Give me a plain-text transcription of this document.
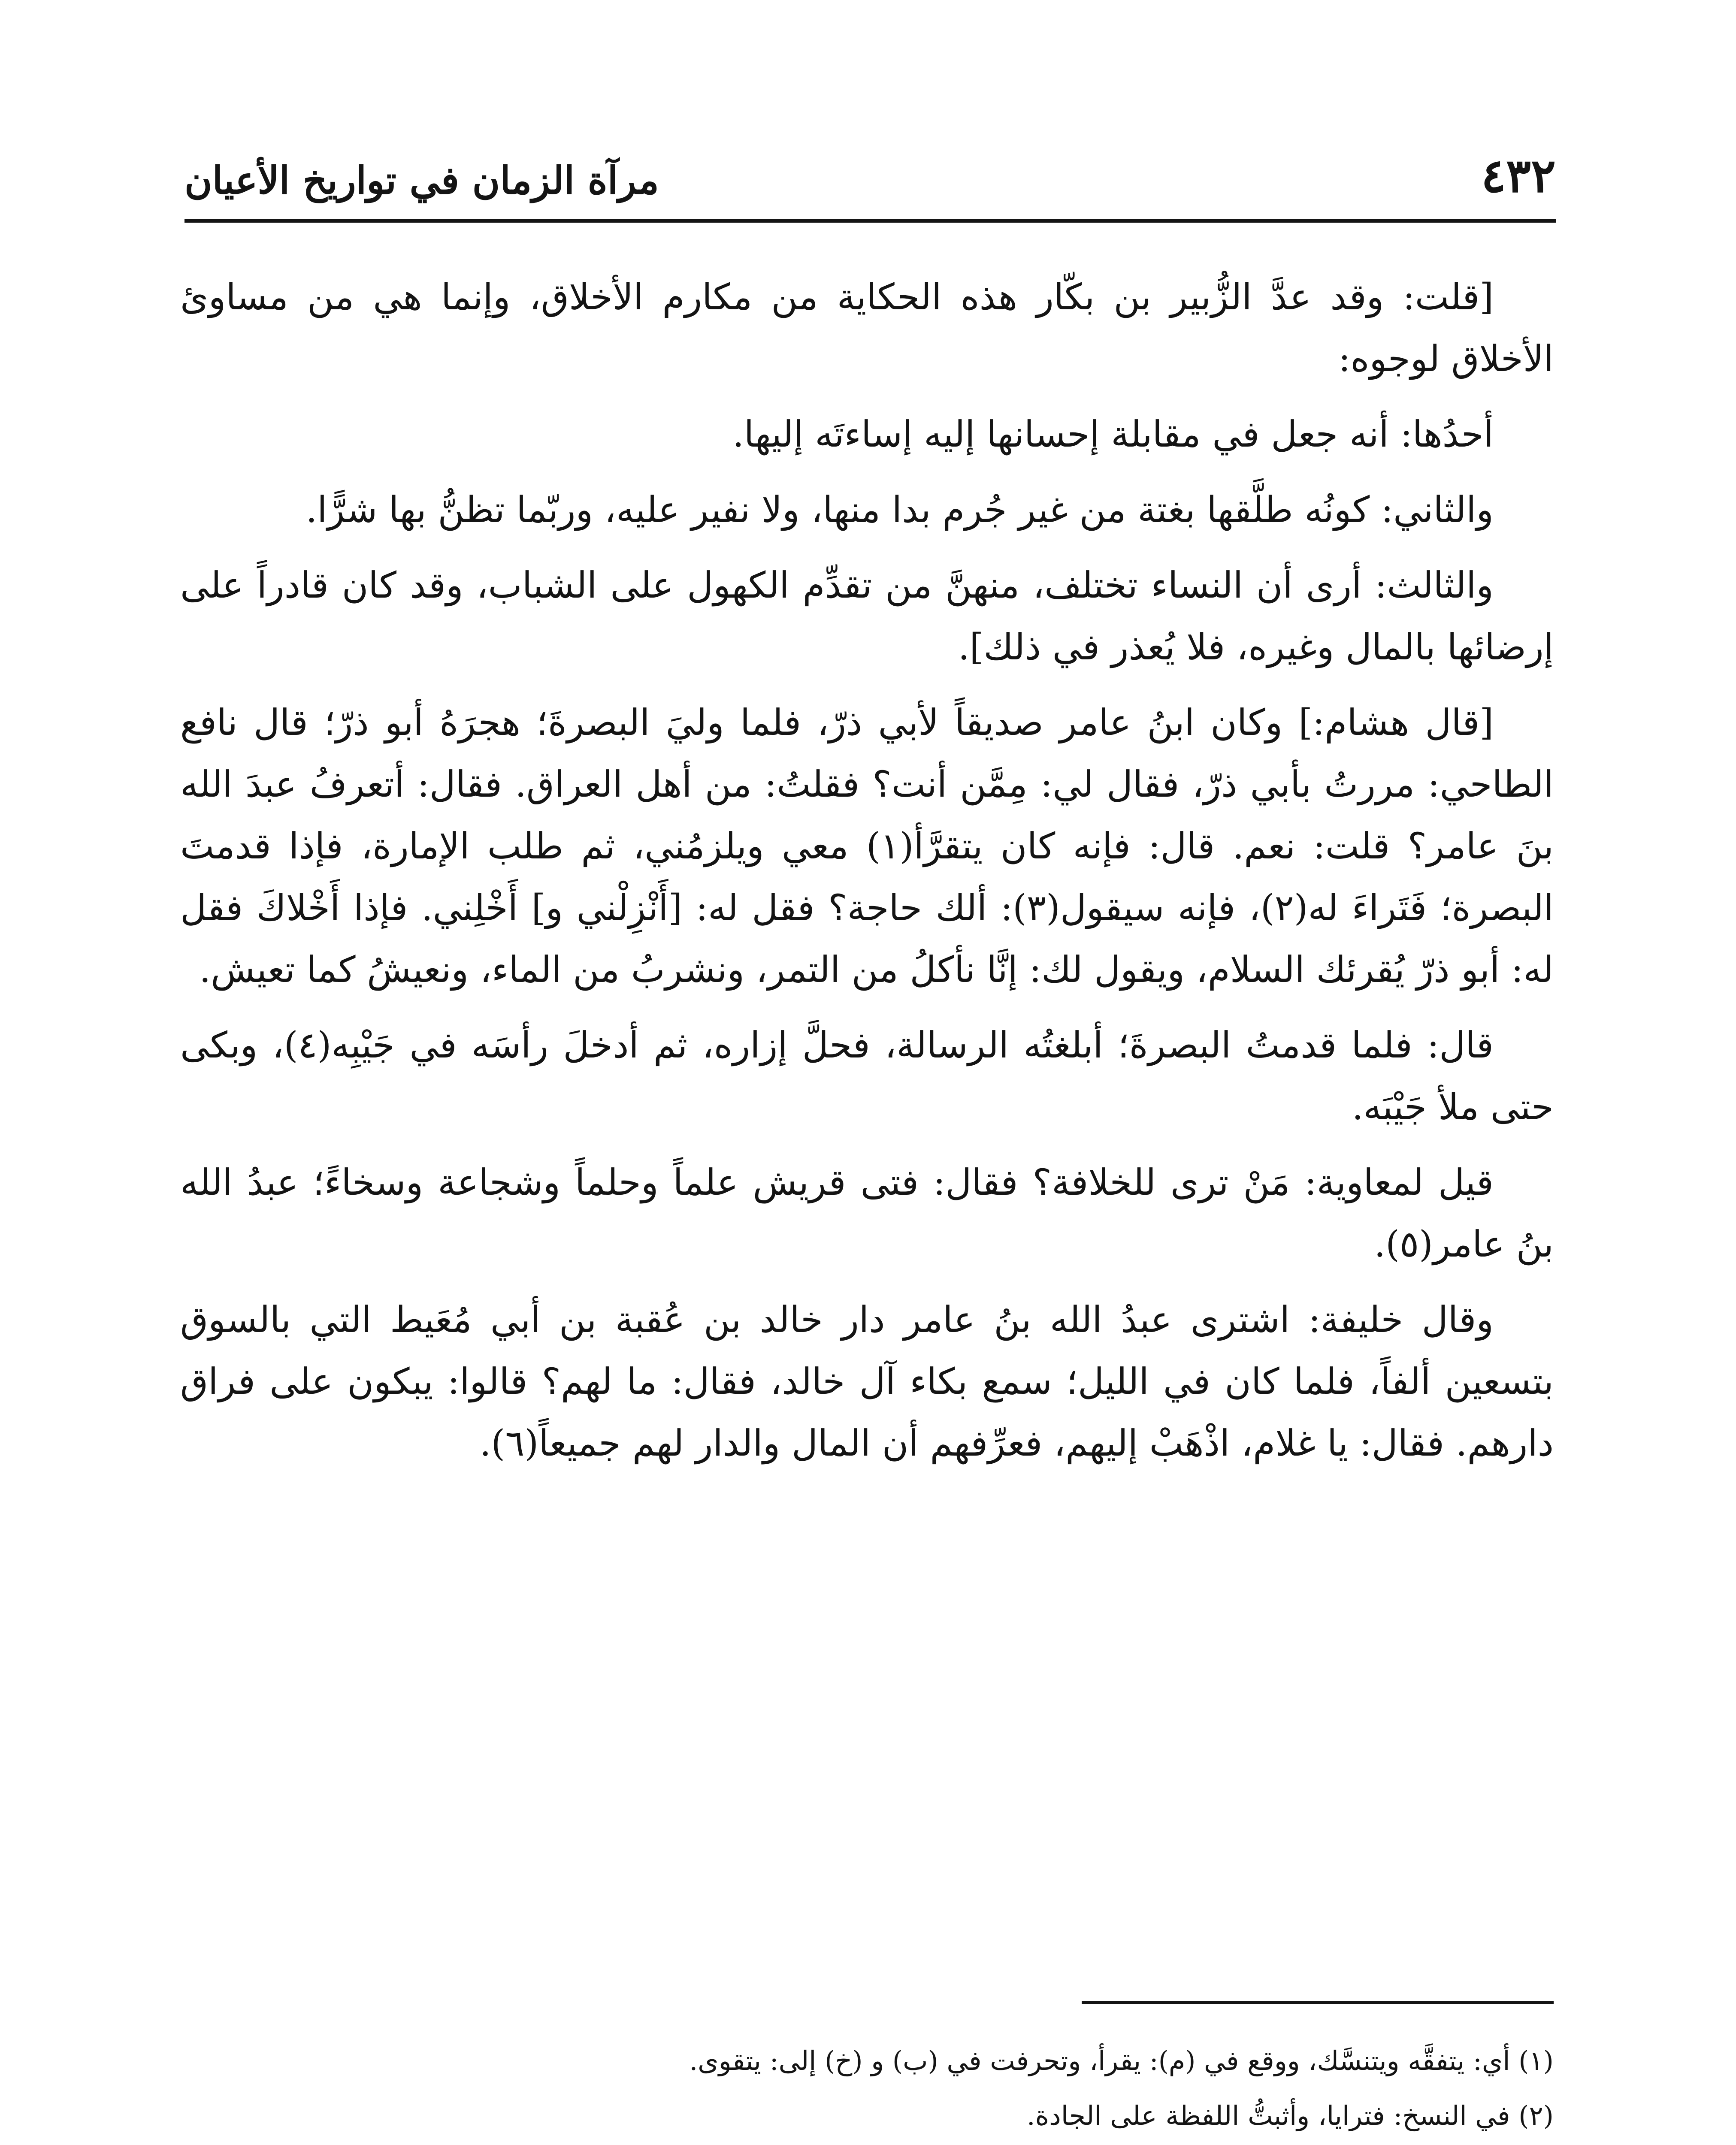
٤٣٢
مرآة الزمان في تواريخ الأعيان

[قلت: وقد عدَّ الزُّبير بن بكّار هذه الحكاية من مكارم الأخلاق، وإنما هي من مساوئ الأخلاق لوجوه:

أحدُها: أنه جعل في مقابلة إحسانها إليه إساءتَه إليها.

والثاني: كونُه طلَّقها بغتة من غير جُرم بدا منها، ولا نفير عليه، وربّما تظنُّ بها شرًّا.

والثالث: أرى أن النساء تختلف، منهنَّ من تقدِّم الكهول على الشباب، وقد كان قادراً على إرضائها بالمال وغيره، فلا يُعذر في ذلك].

[قال هشام:] وكان ابنُ عامر صديقاً لأبي ذرّ، فلما وليَ البصرةَ؛ هجرَهُ أبو ذرّ؛ قال نافع الطاحي: مررتُ بأبي ذرّ، فقال لي: مِمَّن أنت؟ فقلتُ: من أهل العراق. فقال: أتعرفُ عبدَ الله بنَ عامر؟ قلت: نعم. قال: فإنه كان يتقرَّأ(١) معي ويلزمُني، ثم طلب الإمارة، فإذا قدمتَ البصرة؛ فَتَراءَ له(٢)، فإنه سيقول(٣): ألك حاجة؟ فقل له: [أَنْزِلْني و] أَخْلِني. فإذا أَخْلاكَ فقل له: أبو ذرّ يُقرئك السلام، ويقول لك: إنَّا نأكلُ من التمر، ونشربُ من الماء، ونعيشُ كما تعيش.

قال: فلما قدمتُ البصرةَ؛ أبلغتُه الرسالة، فحلَّ إزاره، ثم أدخلَ رأسَه في جَيْبِه(٤)، وبكى حتى ملأ جَيْبَه.

قيل لمعاوية: مَنْ ترى للخلافة؟ فقال: فتى قريش علماً وحلماً وشجاعة وسخاءً؛ عبدُ الله بنُ عامر(٥).

وقال خليفة: اشترى عبدُ الله بنُ عامر دار خالد بن عُقبة بن أبي مُعَيط التي بالسوق بتسعين ألفاً، فلما كان في الليل؛ سمع بكاء آل خالد، فقال: ما لهم؟ قالوا: يبكون على فراق دارهم. فقال: يا غلام، اذْهَبْ إليهم، فعرِّفهم أن المال والدار لهم جميعاً(٦).

(١) أي: يتفقَّه ويتنسَّك، ووقع في (م): يقرأ، وتحرفت في (ب) و (خ) إلى: يتقوى.
(٢) في النسخ: فترايا، وأثبتُّ اللفظة على الجادة.
